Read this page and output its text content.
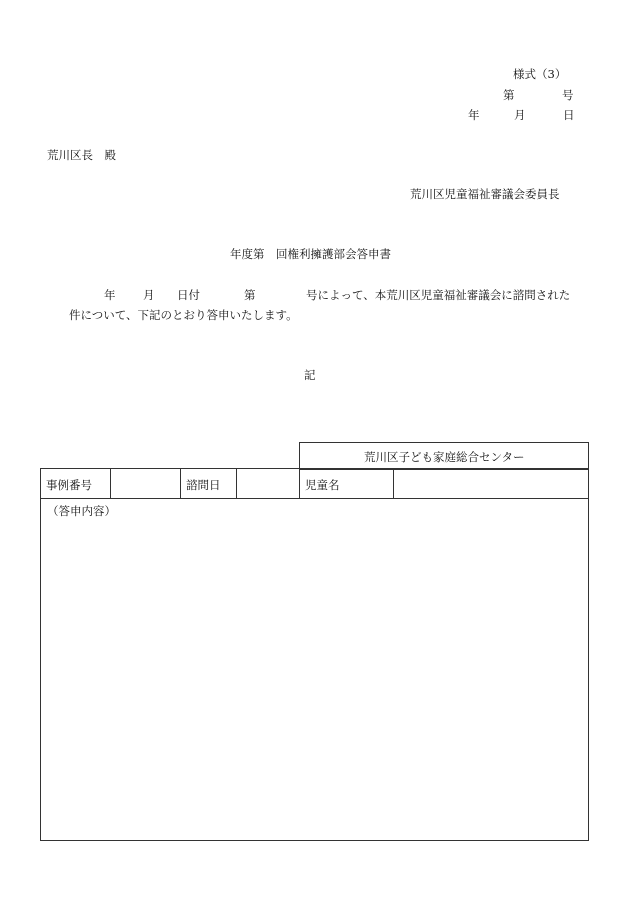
様式（3）
第	号
年	月	日
荒川区長　殿
荒川区児童福祉審議会委員長
年度第　回権利擁護部会答申書
年 月 日付	第	号によって、本荒川区児童福祉審議会に諮問された
件について、下記のとおり答申いたします。
記
荒川区子ども家庭総合センター
事例番号	諮問日	児童名
（答申内容）
